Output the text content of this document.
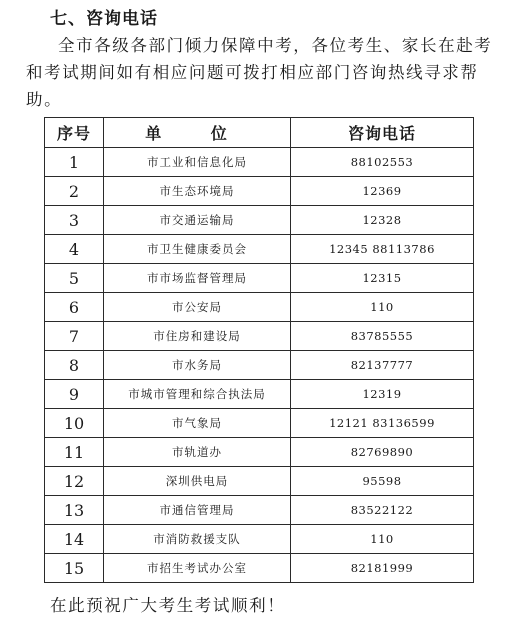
七、咨询电话
全市各级各部门倾力保障中考，各位考生、家长在赴考和考试期间如有相应问题可拨打相应部门咨询热线寻求帮助。
序号	单 位	咨询电话
1	市工业和信息化局	88102553
2	市生态环境局	12369
3	市交通运输局	12328
4	市卫生健康委员会	12345 88113786
5	市市场监督管理局	12315
6	市公安局	110
7	市住房和建设局	83785555
8	市水务局	82137777
9	市城市管理和综合执法局	12319
10	市气象局	12121 83136599
11	市轨道办	82769890
12	深圳供电局	95598
13	市通信管理局	83522122
14	市消防救援支队	110
15	市招生考试办公室	82181999
在此预祝广大考生考试顺利！
